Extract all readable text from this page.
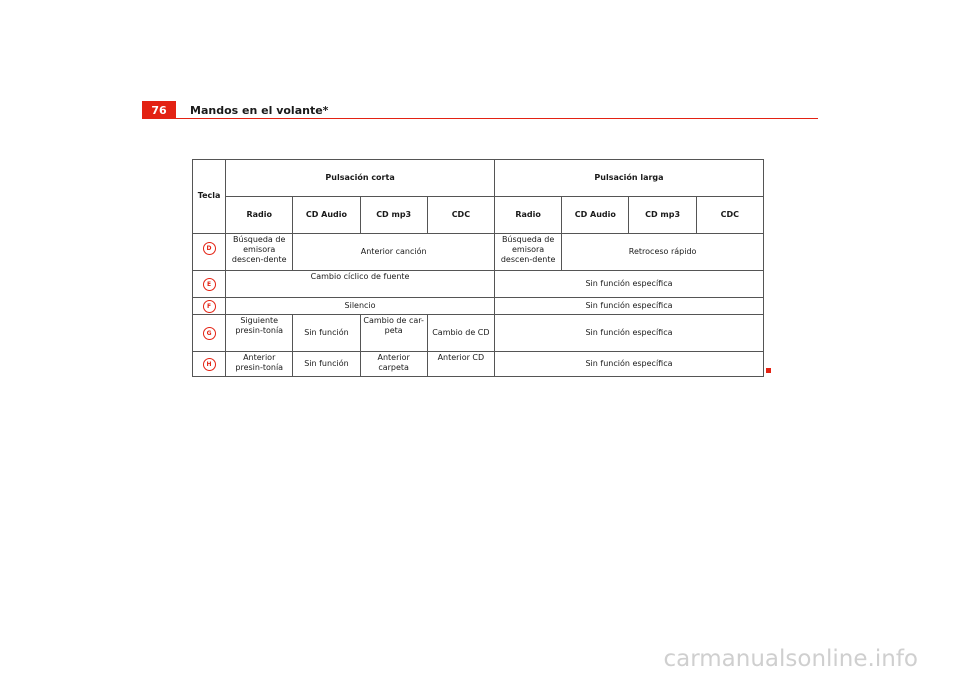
76	Mandos en el volante*
Tecla	Pulsación corta				Pulsación larga			
	Radio	CD Audio	CD mp3	CDC	Radio	CD Audio	CD mp3	CDC
D	Búsqueda de emisora descen-dente	Anterior canción			Búsqueda de emisora descen-dente	Retroceso rápido		
E	Cambio cíclico de fuente				Sin función específica			
F	Silencio				Sin función específica			
G	Siguiente presin-tonía	Sin función	Cambio de car-peta	Cambio de CD	Sin función específica			
H	Anterior presin-tonía	Sin función	Anterior carpeta	Anterior CD	Sin función específica			
carmanualsonline.info
